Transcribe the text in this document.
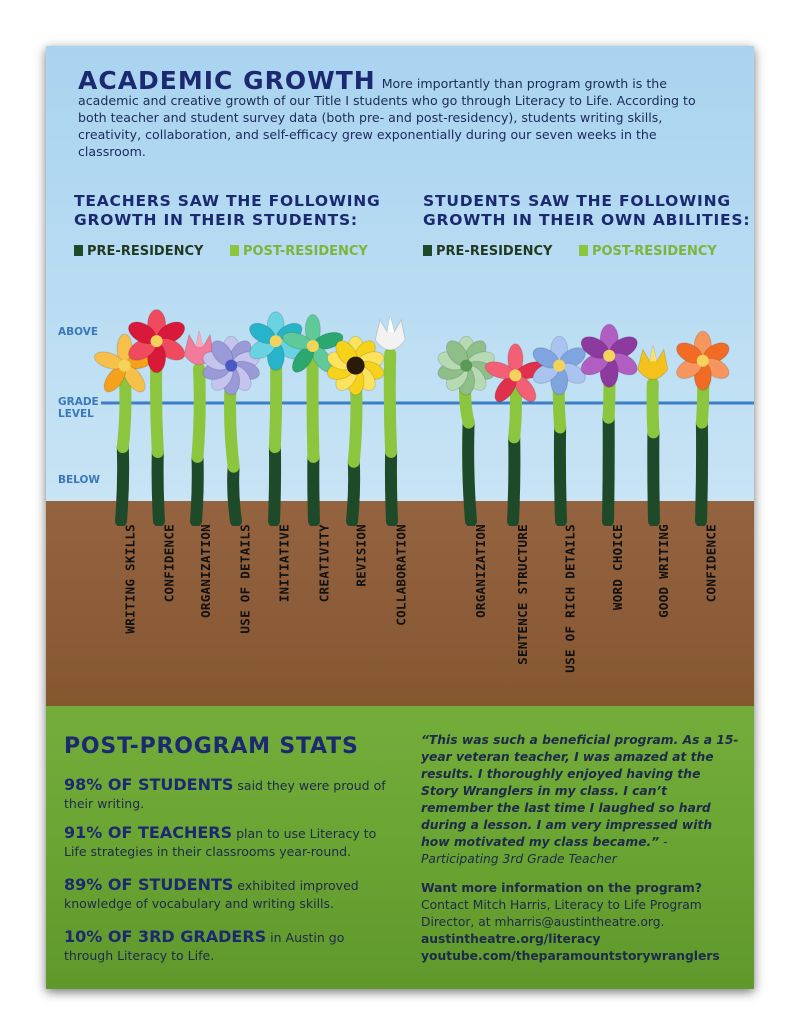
ACADEMIC GROWTH More importantly than program growth is the academic and creative growth of our Title I students who go through Literacy to Life. According to both teacher and student survey data (both pre- and post-residency), students writing skills, creativity, collaboration, and self-efficacy grew exponentially during our seven weeks in the classroom.
TEACHERS SAW THE FOLLOWING
GROWTH IN THEIR STUDENTS:
STUDENTS SAW THE FOLLOWING
GROWTH IN THEIR OWN ABILITIES:
PRE-RESIDENCY	POST-RESIDENCY	PRE-RESIDENCY	POST-RESIDENCY
ABOVE
GRADE
LEVEL
BELOW
WRITING SKILLS CONFIDENCE ORGANIZATION USE OF DETAILS INITIATIVE CREATIVITY REVISION COLLABORATION	ORGANIZATION SENTENCE STRUCTURE	USE OF RICH DETAILS	WORD CHOICE GOOD WRITING	CONFIDENCE
POST-PROGRAM STATS
98% OF STUDENTS said they were proud of their writing.
91% OF TEACHERS plan to use Literacy to Life strategies in their classrooms year-round.
89% OF STUDENTS exhibited improved knowledge of vocabulary and writing skills.
10% OF 3RD GRADERS in Austin go through Literacy to Life.
“This was such a beneficial program. As a 15-year veteran teacher, I was amazed at the results. I thoroughly enjoyed having the Story Wranglers in my class. I can’t remember the last time I laughed so hard during a lesson. I am very impressed with how motivated my class became.” -Participating 3rd Grade Teacher
Want more information on the program?
Contact Mitch Harris, Literacy to Life Program Director, at mharris@austintheatre.org.
austintheatre.org/literacy
youtube.com/theparamountstorywranglers
